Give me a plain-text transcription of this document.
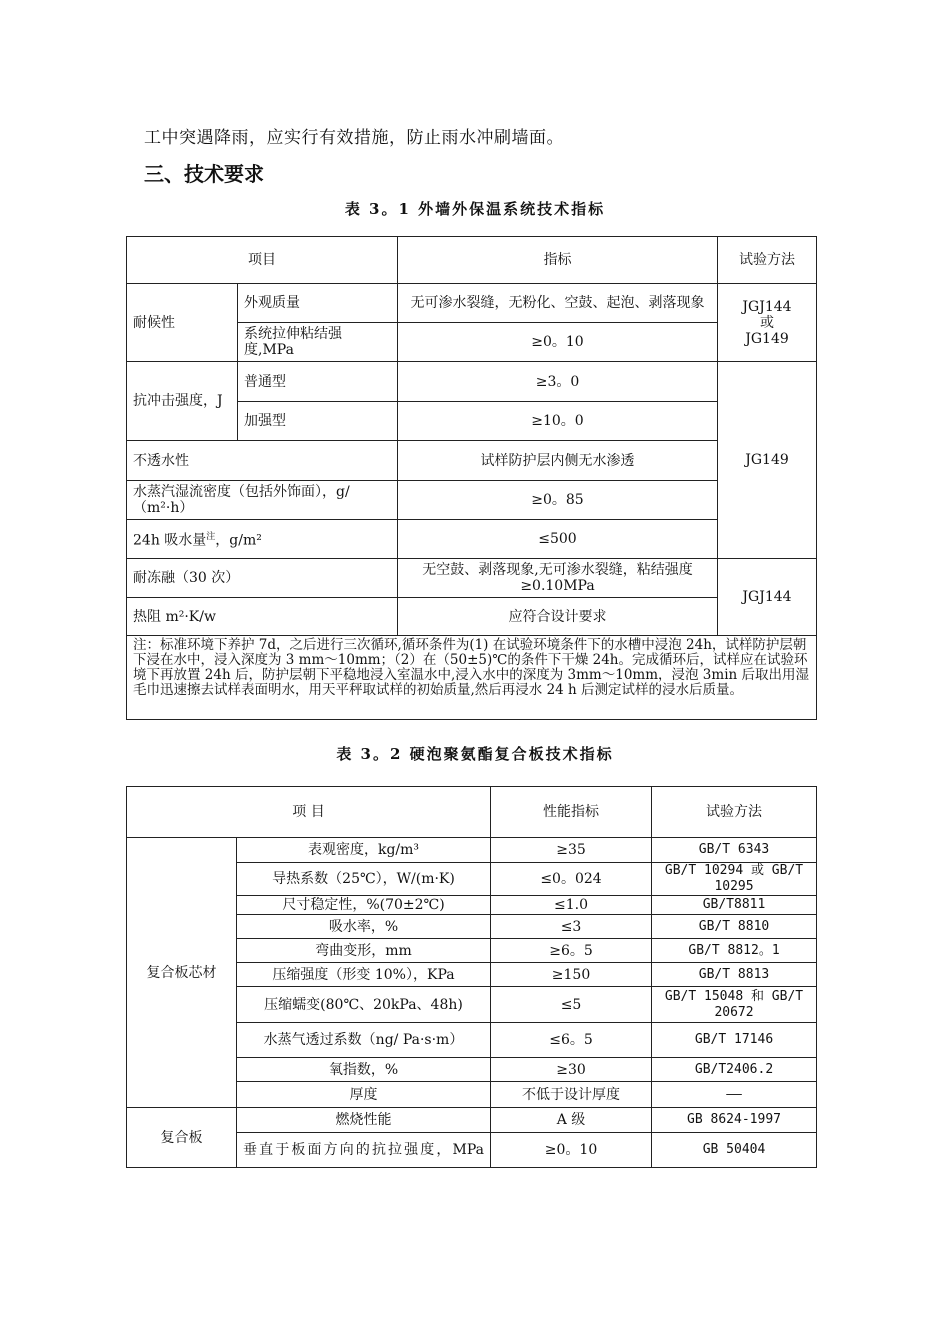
工中突遇降雨，应实行有效措施，防止雨水冲刷墙面。
三、技术要求
表 3。1 外墙外保温系统技术指标
项目		指标	试验方法
耐候性	外观质量	无可渗水裂缝，无粉化、空鼓、起泡、剥落现象	JGJ144
或
JG149

	系统拉伸粘结强度,MPa	≥0。10	
抗冲击强度，J	普通型	≥3。0	JG149
	加强型	≥10。0	
不透水性		试样防护层内侧无水渗透	
水蒸汽湿流密度（包括外饰面），g/（m²·h）		≥0。85	
24h 吸水量$^注$，g/m²		≤500	
耐冻融（30 次）		无空鼓、剥落现象,无可渗水裂缝，粘结强度≥0.10MPa	JGJ144
热阻 m²·K/w		应符合设计要求	
注：标准环境下养护 7d，之后进行三次循环,循环条件为(1) 在试验环境条件下的水槽中浸泡 24h，试样防护层朝下浸在水中，浸入深度为 3 mm～10mm；（2）在（50±5)℃的条件下干燥 24h。完成循环后，试样应在试验环境下再放置 24h 后，防护层朝下平稳地浸入室温水中,浸入水中的深度为 3mm～10mm，浸泡 3min 后取出用湿毛巾迅速擦去试样表面明水，用天平秤取试样的初始质量,然后再浸水 24 h 后测定试样的浸水后质量。			
表 3。2 硬泡聚氨酯复合板技术指标
项 目		性能指标	试验方法
复合板芯材	表观密度，kg/m³	≥35	GB/T 6343
	导热系数（25℃），W/(m·K)	≤0。024	GB/T 10294 或 GB/T 10295
	尺寸稳定性，%(70±2℃)	≤1.0	GB/T8811
	吸水率，%	≤3	GB/T 8810
	弯曲变形，mm	≥6。5	GB/T 8812。1
	压缩强度（形变 10%），KPa	≥150	GB/T 8813
	压缩蠕变(80℃、20kPa、48h)	≤5	GB/T 15048 和 GB/T 20672
	水蒸气透过系数（ng/ Pa·s·m）	≤6。5	GB/T 17146
	氧指数，%	≥30	GB/T2406.2
	厚度	不低于设计厚度	——
复合板	燃烧性能	A 级	GB 8624-1997
	垂直于板面方向的抗拉强度，MPa	≥0。10	GB 50404
